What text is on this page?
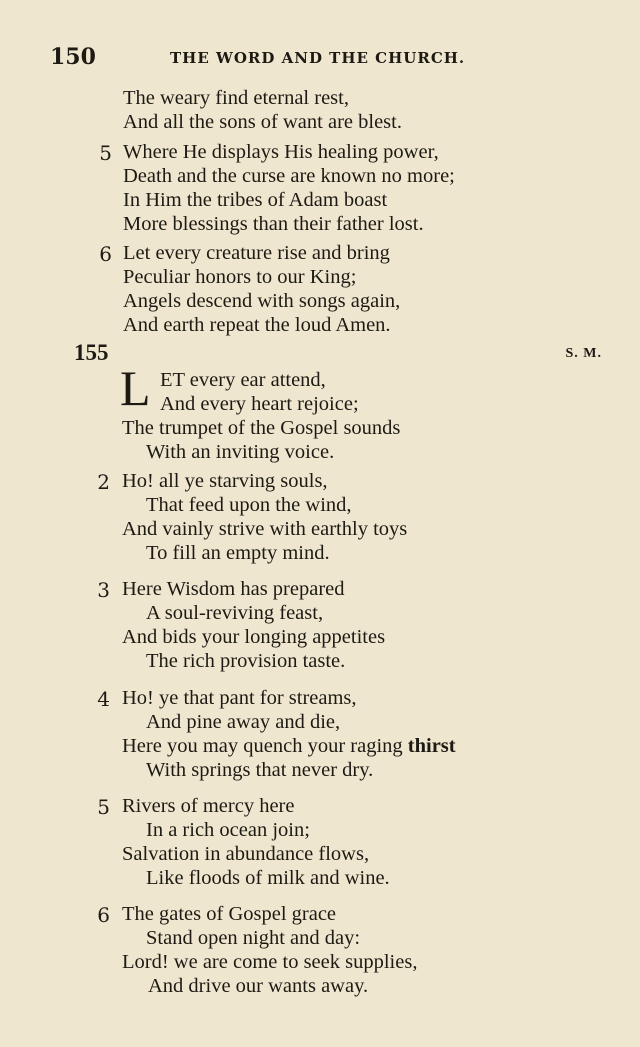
150	THE WORD AND THE CHURCH.
The weary find eternal rest,
And all the sons of want are blest.
5 Where He displays His healing power,
Death and the curse are known no more;
In Him the tribes of Adam boast
More blessings than their father lost.
6 Let every creature rise and bring
Peculiar honors to our King;
Angels descend with songs again,
And earth repeat the loud Amen.
155	S. M.
L ET every ear attend,
And every heart rejoice;
The trumpet of the Gospel sounds
With an inviting voice.
2 Ho! all ye starving souls,
That feed upon the wind,
And vainly strive with earthly toys
To fill an empty mind.
3 Here Wisdom has prepared
A soul-reviving feast,
And bids your longing appetites
The rich provision taste.
4 Ho! ye that pant for streams,
And pine away and die,
Here you may quench your raging thirst
With springs that never dry.
5 Rivers of mercy here
In a rich ocean join;
Salvation in abundance flows,
Like floods of milk and wine.
6 The gates of Gospel grace
Stand open night and day:
Lord! we are come to seek supplies,
And drive our wants away.
